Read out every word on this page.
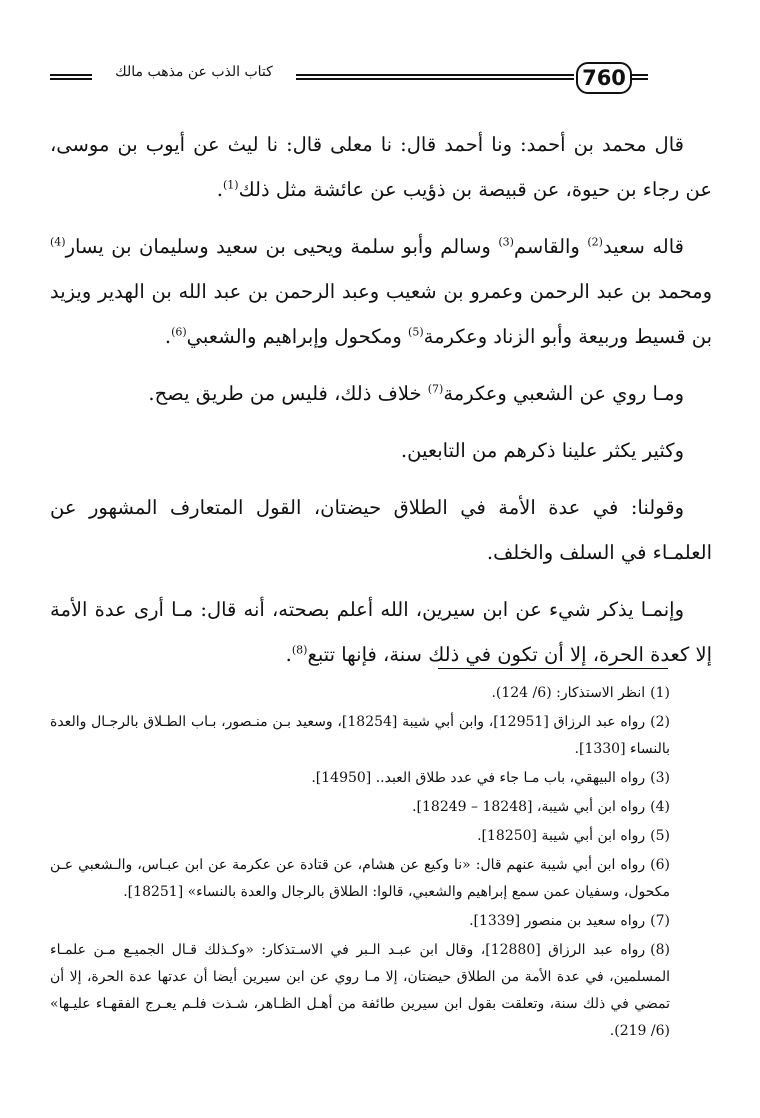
760
كتاب الذب عن مذهب مالك

قال محمد بن أحمد: ونا أحمد قال: نا معلى قال: نا ليث عن أيوب بن موسى، عن رجاء بن حيوة، عن قبيصة بن ذؤيب عن عائشة مثل ذلك$^{(1)}$.

قاله سعيد$^{(2)}$ والقاسم$^{(3)}$ وسالم وأبو سلمة ويحيى بن سعيد وسليمان بن يسار$^{(4)}$ ومحمد بن عبد الرحمن وعمرو بن شعيب وعبد الرحمن بن عبد الله بن الهدير ويزيد بن قسيط وربيعة وأبو الزناد وعكرمة$^{(5)}$ ومكحول وإبراهيم والشعبي$^{(6)}$.

ومـا روي عن الشعبي وعكرمة$^{(7)}$ خلاف ذلك، فليس من طريق يصح.

وكثير يكثر علينا ذكرهم من التابعين.

وقولنا: في عدة الأمة في الطلاق حيضتان، القول المتعارف المشهور عن العلمـاء في السلف والخلف.

وإنمـا يذكر شيء عن ابن سيرين، الله أعلم بصحته، أنه قال: مـا أرى عدة الأمة إلا كعدة الحرة، إلا أن تكون في ذلك سنة، فإنها تتبع$^{(8)}$.

(1)انظر الاستذكار: (6/ 124).
(2)رواه عبد الرزاق [12951]، وابن أبي شيبة [18254]، وسعيد بـن منـصور، بـاب الطـلاق بالرجـال والعدة بالنساء [1330].
(3)رواه البيهقي، باب مـا جاء في عدد طلاق العبد.. [14950].
(4)رواه ابن أبي شيبة، [18248 – 18249].
(5)رواه ابن أبي شيبة [18250].
(6)رواه ابن أبي شيبة عنهم قال: «نا وكيع عن هشام، عن قتادة عن عكرمة عن ابن عبـاس، والـشعبي عـن مكحول، وسفيان عمن سمع إبراهيم والشعبي، قالوا: الطلاق بالرجال والعدة بالنساء» [18251].
(7)رواه سعيد بن منصور [1339].
(8)رواه عبد الرزاق [12880]، وقال ابن عبـد الـبر في الاسـتذكار: «وكـذلك قـال الجميـع مـن علمـاء المسلمين، في عدة الأمة من الطلاق حيضتان، إلا مـا روي عن ابن سيرين أيضا أن عدتها عدة الحرة، إلا أن تمضي في ذلك سنة، وتعلقت بقول ابن سيرين طائفة من أهـل الظـاهر، شـذت فلـم يعـرج الفقهـاء عليـها» (6/ 219).
